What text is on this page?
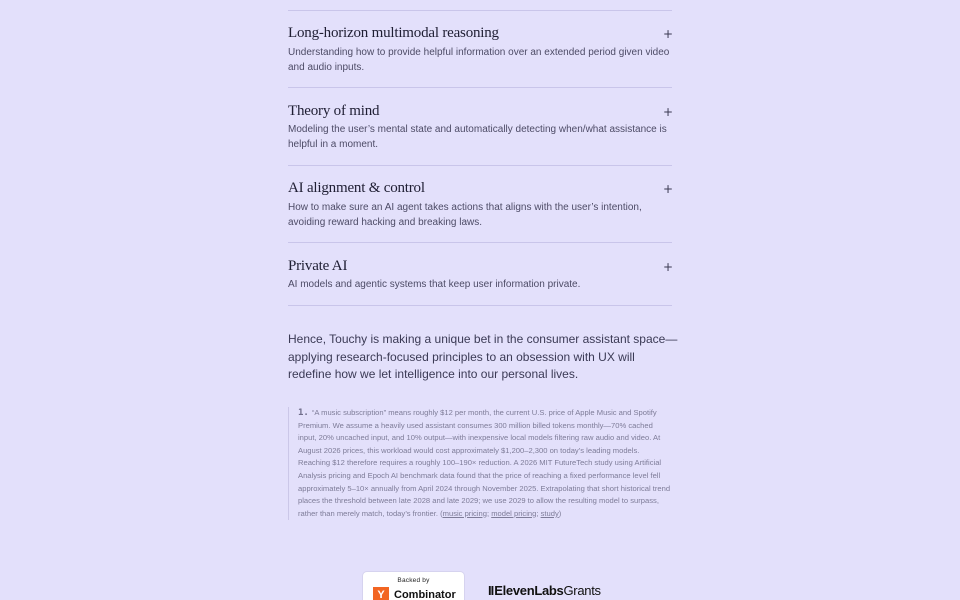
Long-horizon multimodal reasoning	+
Understanding how to provide helpful information over an extended period given video and audio inputs.
Theory of mind	+
Modeling the user’s mental state and automatically detecting when/what assistance is helpful in a moment.
AI alignment & control	+
How to make sure an AI agent takes actions that aligns with the user’s intention, avoiding reward hacking and breaking laws.
Private AI	+
AI models and agentic systems that keep user information private.
Hence, Touchy is making a unique bet in the consumer assistant space—applying research-focused principles to an obsession with UX will redefine how we let intelligence into our personal lives.
1. “A music subscription” means roughly $12 per month, the current U.S. price of Apple Music and Spotify Premium. We assume a heavily used assistant consumes 300 million billed tokens monthly—70% cached input, 20% uncached input, and 10% output—with inexpensive local models filtering raw audio and video. At August 2026 prices, this workload would cost approximately $1,200–2,300 on today’s leading models. Reaching $12 therefore requires a roughly 100–190× reduction. A 2026 MIT FutureTech study using Artificial Analysis pricing and Epoch AI benchmark data found that the price of reaching a fixed performance level fell approximately 5–10× annually from April 2024 through November 2025. Extrapolating that short historical trend places the threshold between late 2028 and late 2029; we use 2029 to allow the resulting model to surpass, rather than merely match, today’s frontier. (music pricing; model pricing; study)
Backed by
Y Combinator IIElevenLabsGrants
